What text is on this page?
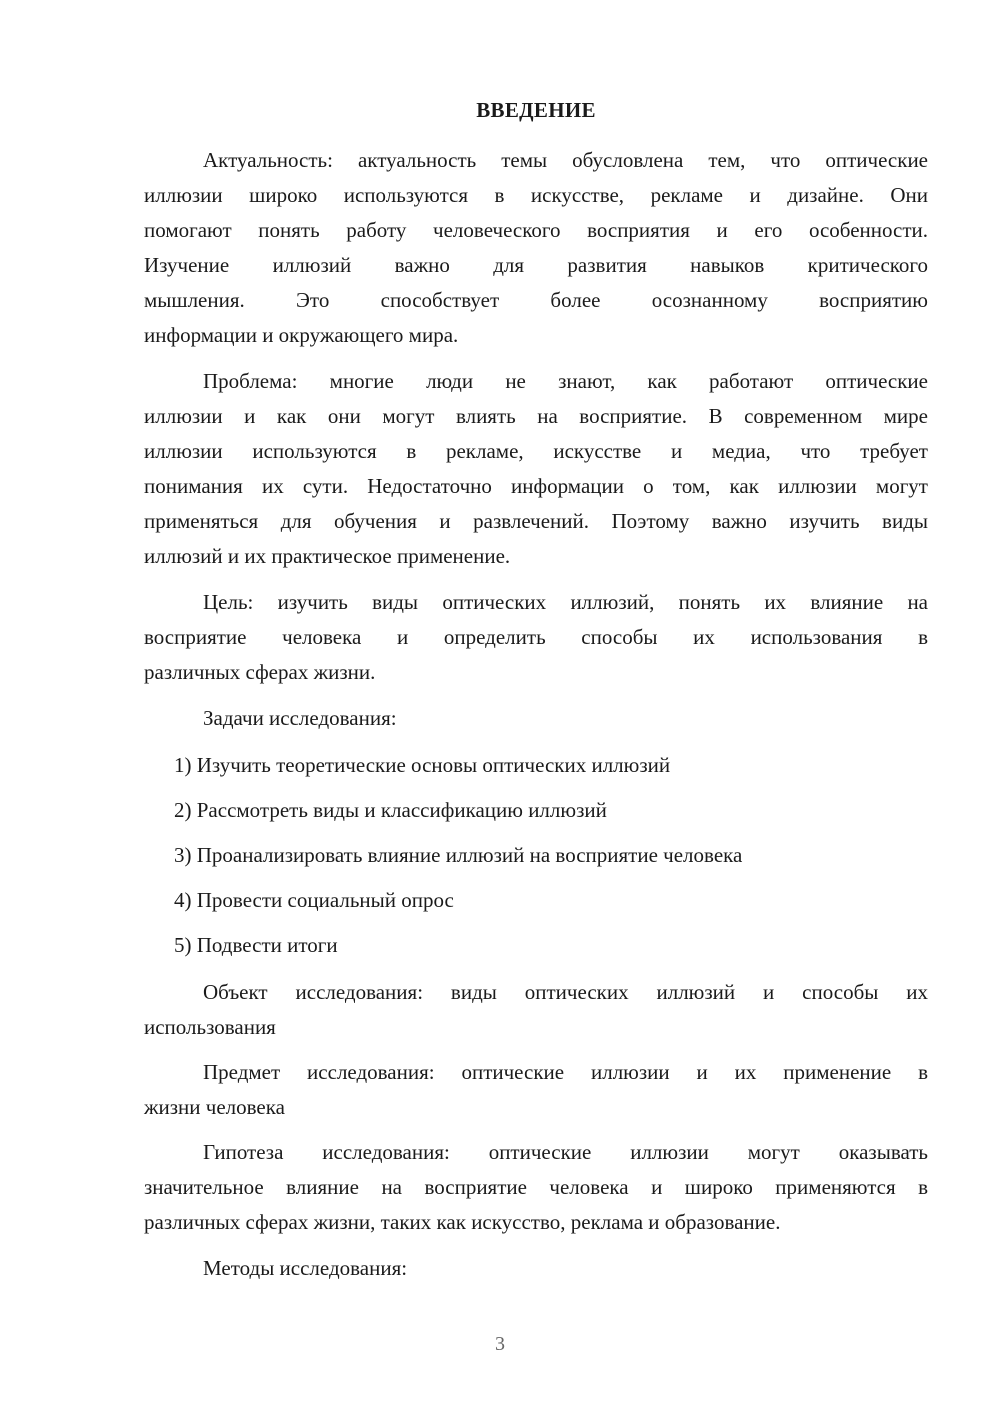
ВВЕДЕНИЕ
Актуальность: актуальность темы обусловлена тем, что оптические
иллюзии широко используются в искусстве, рекламе и дизайне. Они
помогают понять работу человеческого восприятия и его особенности.
Изучение иллюзий важно для развития навыков критического
мышления. Это способствует более осознанному восприятию
информации и окружающего мира.
Проблема: многие люди не знают, как работают оптические
иллюзии и как они могут влиять на восприятие. В современном мире
иллюзии используются в рекламе, искусстве и медиа, что требует
понимания их сути. Недостаточно информации о том, как иллюзии могут
применяться для обучения и развлечений. Поэтому важно изучить виды
иллюзий и их практическое применение.
Цель: изучить виды оптических иллюзий, понять их влияние на
восприятие человека и определить способы их использования в
различных сферах жизни.
Задачи исследования:
1) Изучить теоретические основы оптических иллюзий
2) Рассмотреть виды и классификацию иллюзий
3) Проанализировать влияние иллюзий на восприятие человека
4) Провести социальный опрос
5) Подвести итоги
Объект исследования: виды оптических иллюзий и способы их
использования
Предмет исследования: оптические иллюзии и их применение в
жизни человека
Гипотеза исследования: оптические иллюзии могут оказывать
значительное влияние на восприятие человека и широко применяются в
различных сферах жизни, таких как искусство, реклама и образование.
Методы исследования:
3
